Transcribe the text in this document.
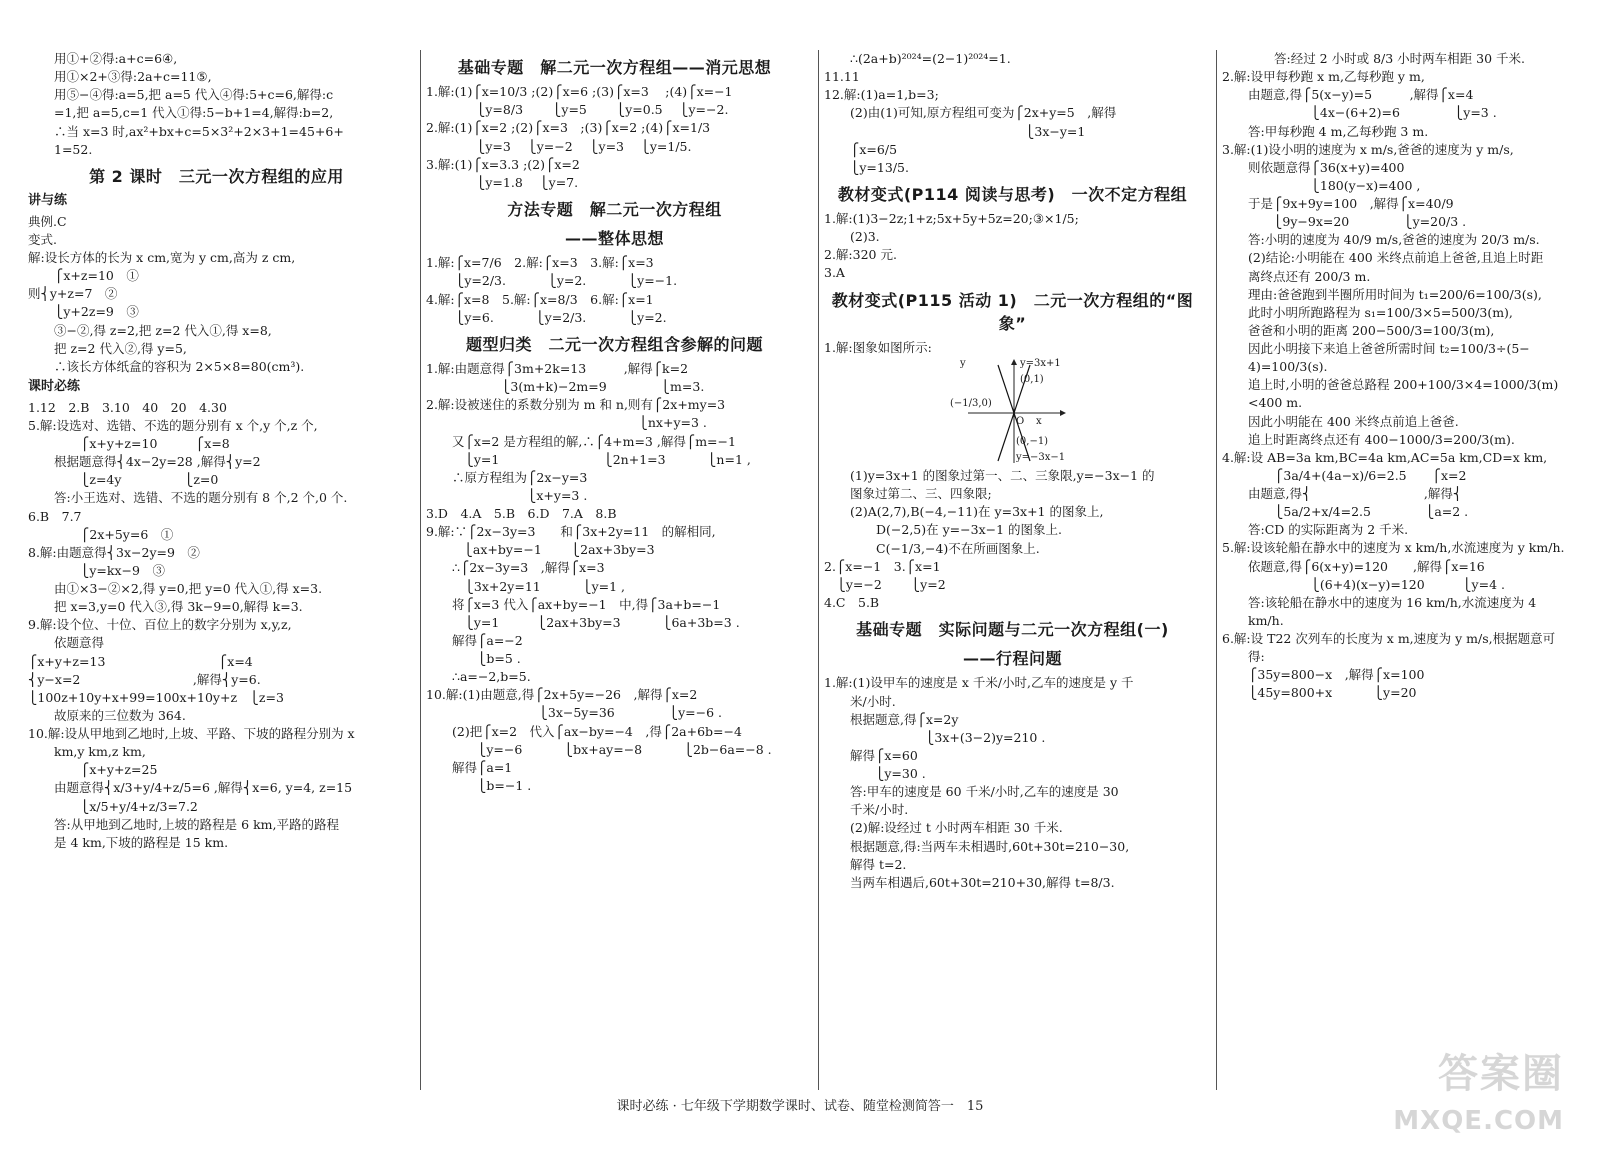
用①+②得:a+c=6④,

用①×2+③得:2a+c=11⑤,

用⑤−④得:a=5,把 a=5 代入④得:5+c=6,解得:c

=1,把 a=5,c=1 代入①得:5−b+1=4,解得:b=2,

∴当 x=3 时,ax²+bx+c=5×3²+2×3+1=45+6+

1=52.

第 2 课时　三元一次方程组的应用

讲与练

典例.C

变式.

解:设长方体的长为 x cm,宽为 y cm,高为 z cm,

⎧x+z=10　①

则⎨y+z=7　②

⎩y+2z=9　③

③−②,得 z=2,把 z=2 代入①,得 x=8,

把 z=2 代入②,得 y=5,

∴该长方体纸盒的容积为 2×5×8=80(cm³).

课时必练

1.12　2.B　3.10　40　20　4.30

5.解:设选对、选错、不选的题分别有 x 个,y 个,z 个,

⎧x+y+z=10　　　⎧x=8

根据题意得⎨4x−2y=28 ,解得⎨y=2

⎩z=4y　　　　　⎩z=0

答:小王选对、选错、不选的题分别有 8 个,2 个,0 个.

6.B　7.7

⎧2x+5y=6　①

8.解:由题意得⎨3x−2y=9　②

⎩y=kx−9　③

由①×3−②×2,得 y=0,把 y=0 代入①,得 x=3.

把 x=3,y=0 代入③,得 3k−9=0,解得 k=3.

9.解:设个位、十位、百位上的数字分别为 x,y,z,

依题意得

⎧x+y+z=13　　　　　　　　　⎧x=4

⎨y−x=2　　　　　　　　　,解得⎨y=6.

⎩100z+10y+x+99=100x+10y+z　⎩z=3

故原来的三位数为 364.

10.解:设从甲地到乙地时,上坡、平路、下坡的路程分别为 x

km,y km,z km,

⎧x+y+z=25

由题意得⎨x/3+y/4+z/5=6 ,解得⎨x=6, y=4, z=15

⎩x/5+y/4+z/3=7.2

答:从甲地到乙地时,上坡的路程是 6 km,平路的路程

是 4 km,下坡的路程是 15 km.

基础专题　解二元一次方程组——消元思想

1.解:(1)⎧x=10/3 ;(2)⎧x=6 ;(3)⎧x=3　 ;(4)⎧x=−1

　　　　⎩y=8/3　　 ⎩y=5　　 ⎩y=0.5　 ⎩y=−2.

2.解:(1)⎧x=2 ;(2)⎧x=3　;(3)⎧x=2 ;(4)⎧x=1/3

　　　　⎩y=3　 ⎩y=−2　 ⎩y=3　 ⎩y=1/5.

3.解:(1)⎧x=3.3 ;(2)⎧x=2

　　　　⎩y=1.8　 ⎩y=7.

方法专题　解二元一次方程组

——整体思想

1.解:⎧x=7/6　2.解:⎧x=3　3.解:⎧x=3

　　 ⎩y=2/3.　　　 ⎩y=2.　　　 ⎩y=−1.

4.解:⎧x=8　5.解:⎧x=8/3　6.解:⎧x=1

　　 ⎩y=6.　　　 ⎩y=2/3.　　　 ⎩y=2.

题型归类　二元一次方程组含参解的问题

1.解:由题意得⎧3m+2k=13　　　,解得⎧k=2

　　　　　　⎩3(m+k)−2m=9　　　　 ⎩m=3.

2.解:设被迷住的系数分别为 m 和 n,则有⎧2x+my=3

　　　　　　　　　　　　　　　　　⎩nx+y=3 .

又⎧x=2 是方程组的解,∴⎧4+m=3 ,解得⎧m=−1

　⎩y=1　　　　　　　　 ⎩2n+1=3　　　 ⎩n=1 ,

∴原方程组为⎧2x−y=3

　　　　　　⎩x+y=3 .

3.D　4.A　5.B　6.D　7.A　8.B

9.解:∵⎧2x−3y=3　　和⎧3x+2y=11　的解相同,

　　　⎩ax+by=−1　　 ⎩2ax+3by=3

∴⎧2x−3y=3　,解得⎧x=3

　⎩3x+2y=11　　　 ⎩y=1 ,

将⎧x=3 代入⎧ax+by=−1　中,得⎧3a+b=−1

　⎩y=1　　　⎩2ax+3by=3　　　 ⎩6a+3b=3 .

解得⎧a=−2

　　⎩b=5 .

∴a=−2,b=5.

10.解:(1)由题意,得⎧2x+5y=−26　,解得⎧x=2

　　　　　　　　　⎩3x−5y=36　　　　 ⎩y=−6 .

(2)把⎧x=2　代入⎧ax−by=−4　,得⎧2a+6b=−4

　　⎩y=−6　　　 ⎩bx+ay=−8　　　 ⎩2b−6a=−8 .

解得⎧a=1

　　⎩b=−1 .

∴(2a+b)²⁰²⁴=(2−1)²⁰²⁴=1.

11.11

12.解:(1)a=1,b=3;

(2)由(1)可知,原方程组可变为⎧2x+y=5　,解得

　　　　　　　　　　　　　　⎩3x−y=1

⎧x=6/5

⎩y=13/5.

教材变式(P114 阅读与思考)　一次不定方程组

1.解:(1)3−2z;1+z;5x+5y+5z=20;③×1/5;

(2)3.

2.解:320 元.

3.A

教材变式(P115 活动 1)　二元一次方程组的“图象”

1.解:图象如图所示:

y
x
O
y=3x+1
(0,1)
(−1/3,0)
(0,−1)
y=−3x−1

(1)y=3x+1 的图象过第一、二、三象限,y=−3x−1 的

图象过第二、三、四象限;

(2)A(2,7),B(−4,−11)在 y=3x+1 的图象上,

D(−2,5)在 y=−3x−1 的图象上.

C(−1/3,−4)不在所画图象上.

2.⎧x=−1　3.⎧x=1

　⎩y=−2　　 ⎩y=2

4.C　5.B

基础专题　实际问题与二元一次方程组(一)

——行程问题

1.解:(1)设甲车的速度是 x 千米/小时,乙车的速度是 y 千

米/小时.

根据题意,得⎧x=2y

　　　　　　⎩3x+(3−2)y=210 .

解得⎧x=60

　　⎩y=30 .

答:甲车的速度是 60 千米/小时,乙车的速度是 30

千米/小时.

(2)解:设经过 t 小时两车相距 30 千米.

根据题意,得:当两车未相遇时,60t+30t=210−30,

解得 t=2.

当两车相遇后,60t+30t=210+30,解得 t=8/3.

答:经过 2 小时或 8/3 小时两车相距 30 千米.

2.解:设甲每秒跑 x m,乙每秒跑 y m,

由题意,得⎧5(x−y)=5　　　,解得⎧x=4

　　　　　⎩4x−(6+2)=6　　　　 ⎩y=3 .

答:甲每秒跑 4 m,乙每秒跑 3 m.

3.解:(1)设小明的速度为 x m/s,爸爸的速度为 y m/s,

则依题意得⎧36(x+y)=400

　　　　　⎩180(y−x)=400 ,

于是⎧9x+9y=100　,解得⎧x=40/9

　　⎩9y−9x=20　　　　 ⎩y=20/3 .

答:小明的速度为 40/9 m/s,爸爸的速度为 20/3 m/s.

(2)结论:小明能在 400 米终点前追上爸爸,且追上时距

离终点还有 200/3 m.

理由:爸爸跑到半圈所用时间为 t₁=200/6=100/3(s),

此时小明所跑路程为 s₁=100/3×5=500/3(m),

爸爸和小明的距离 200−500/3=100/3(m),

因此小明接下来追上爸爸所需时间 t₂=100/3÷(5−

4)=100/3(s).

追上时,小明的爸爸总路程 200+100/3×4=1000/3(m)

<400 m.

因此小明能在 400 米终点前追上爸爸.

追上时距离终点还有 400−1000/3=200/3(m).

4.解:设 AB=3a km,BC=4a km,AC=5a km,CD=x km,

⎧3a/4+(4a−x)/6=2.5　　⎧x=2

由题意,得⎨　　　　　　　　　,解得⎨

⎩5a/2+x/4=2.5　　　　 ⎩a=2 .

答:CD 的实际距离为 2 千米.

5.解:设该轮船在静水中的速度为 x km/h,水流速度为 y km/h.

依题意,得⎧6(x+y)=120　　,解得⎧x=16

　　　　　⎩(6+4)(x−y)=120　　　⎩y=4 .

答:该轮船在静水中的速度为 16 km/h,水流速度为 4

km/h.

6.解:设 T22 次列车的长度为 x m,速度为 y m/s,根据题意可

得:

⎧35y=800−x　,解得⎧x=100

⎩45y=800+x　　　 ⎩y=20

课时必练 · 七年级下学期数学课时、试卷、随堂检测简答一　15
答案圈
MXQE.COM
